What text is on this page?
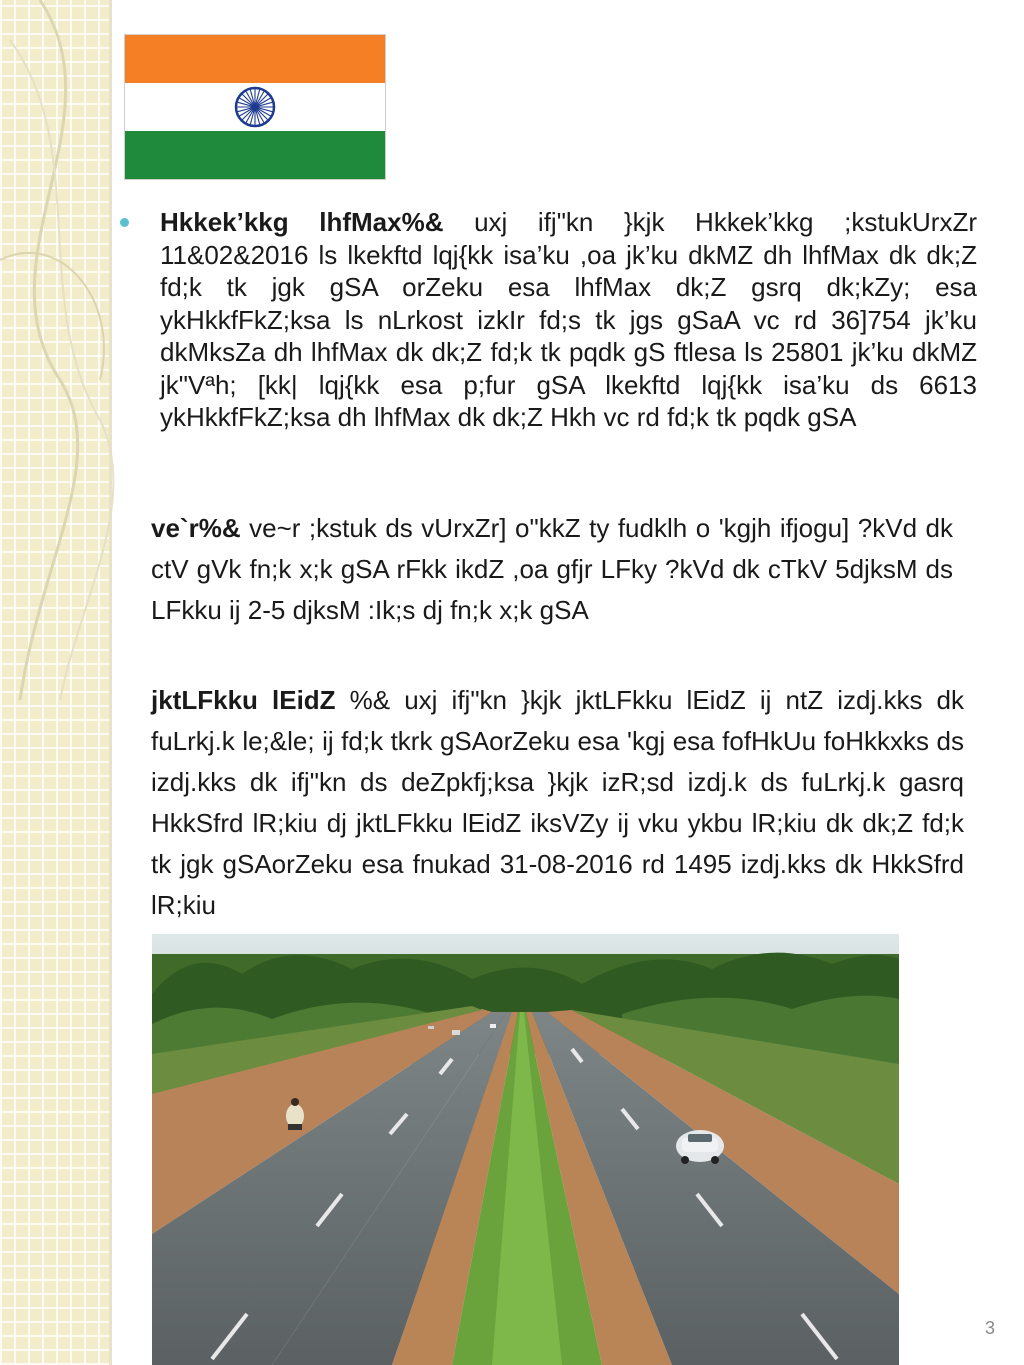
Hkkek’kkg lhfMax%& uxj ifj"kn }kjk Hkkek’kkg ;kstukUrxZr 11&02&2016 ls lkekftd lqj{kk isa’ku ,oa jk’ku dkMZ dh lhfMax dk dk;Z fd;k tk jgk gSA orZeku esa lhfMax dk;Z gsrq dk;kZy; esa ykHkkfFkZ;ksa ls nLrkost izkIr fd;s tk jgs gSaA vc rd 36]754 jk’ku dkMksZa dh lhfMax dk dk;Z fd;k tk pqdk gS ftlesa ls 25801 jk’ku dkMZ jk"Vªh; [kk| lqj{kk esa p;fur gSA lkekftd lqj{kk isa’ku ds 6613 ykHkkfFkZ;ksa dh lhfMax dk dk;Z Hkh vc rd fd;k tk pqdk gSA
ve`r%& ve~r ;kstuk ds vUrxZr] o"kkZ ty fudklh o 'kgjh ifjogu] ?kVd dk ctV gVk fn;k x;k gSA rFkk ikdZ ,oa gfjr LFky ?kVd dk cTkV 5djksM ds LFkku ij 2-5 djksM :Ik;s dj fn;k x;k gSA
jktLFkku lEidZ %& uxj ifj"kn }kjk jktLFkku lEidZ ij ntZ izdj.kks dk fuLrkj.k le;&le; ij fd;k tkrk gSAorZeku esa 'kgj esa fofHkUu foHkkxks ds izdj.kks dk ifj"kn ds deZpkfj;ksa }kjk izR;sd izdj.k ds fuLrkj.k gasrq HkkSfrd lR;kiu dj jktLFkku lEidZ iksVZy ij vku ykbu lR;kiu dk dk;Z fd;k tk jgk gSAorZeku esa fnukad 31-08-2016 rd 1495 izdj.kks dk HkkSfrd lR;kiu
3
